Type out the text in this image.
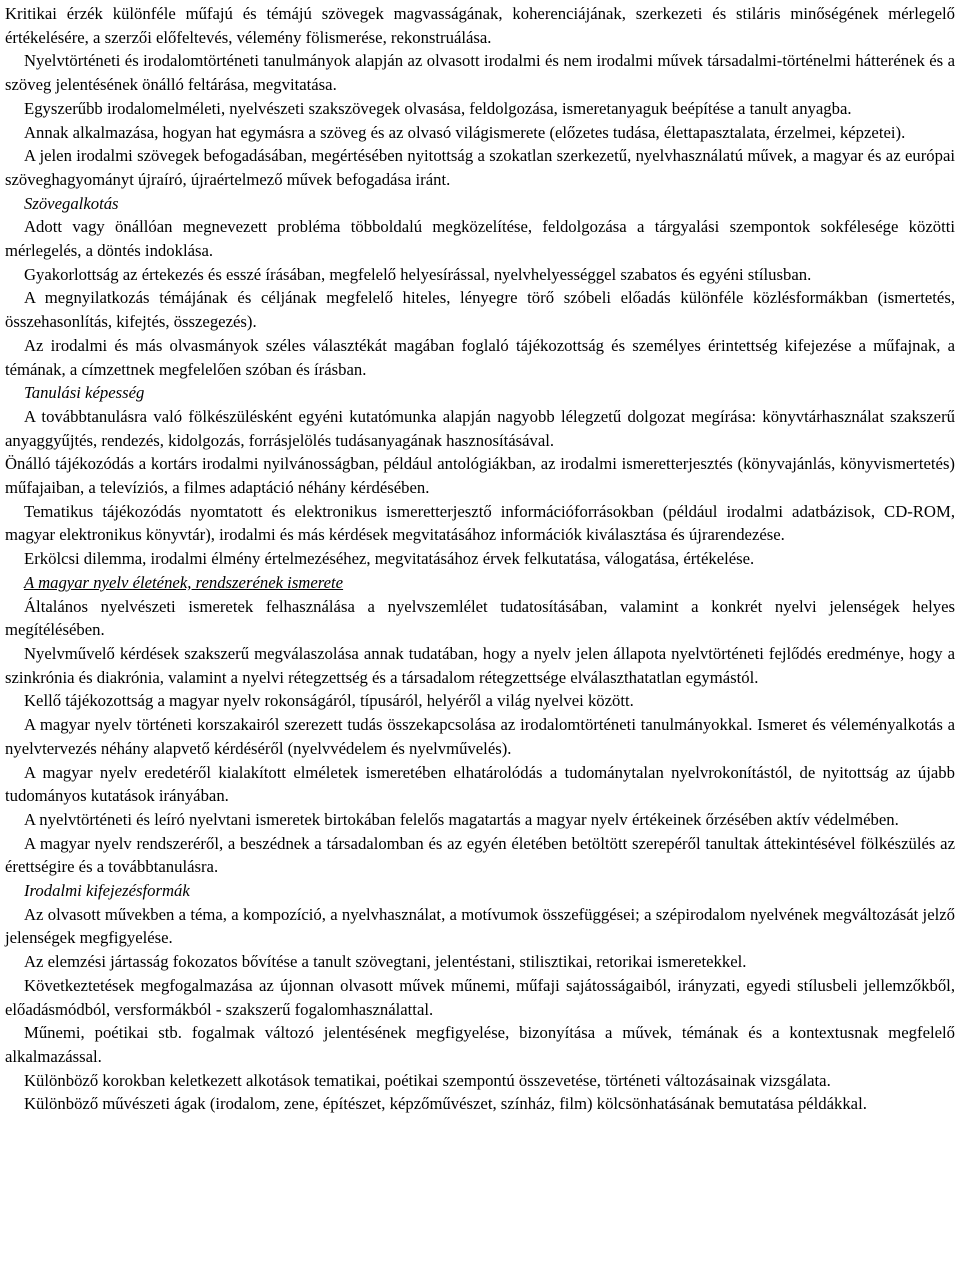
Kritikai érzék különféle műfajú és témájú szövegek magvasságának, koherenciájának, szerkezeti és stiláris minőségének mérlegelő értékelésére, a szerzői előfeltevés, vélemény fölismerése, rekonstruálása.

Nyelvtörténeti és irodalomtörténeti tanulmányok alapján az olvasott irodalmi és nem irodalmi művek társadalmi-történelmi hátterének és a szöveg jelentésének önálló feltárása, megvitatása.

Egyszerűbb irodalomelméleti, nyelvészeti szakszövegek olvasása, feldolgozása, ismeretanyaguk beépítése a tanult anyagba.

Annak alkalmazása, hogyan hat egymásra a szöveg és az olvasó világismerete (előzetes tudása, élettapasztalata, érzelmei, képzetei).

A jelen irodalmi szövegek befogadásában, megértésében nyitottság a szokatlan szerkezetű, nyelvhasználatú művek, a magyar és az európai szöveghagyományt újraíró, újraértelmező művek befogadása iránt.

Szövegalkotás

Adott vagy önállóan megnevezett probléma többoldalú megközelítése, feldolgozása a tárgyalási szempontok sokfélesége közötti mérlegelés, a döntés indoklása.

Gyakorlottság az értekezés és esszé írásában, megfelelő helyesírással, nyelvhelyességgel szabatos és egyéni stílusban.

A megnyilatkozás témájának és céljának megfelelő hiteles, lényegre törő szóbeli előadás különféle közlésformákban (ismertetés, összehasonlítás, kifejtés, összegezés).

Az irodalmi és más olvasmányok széles választékát magában foglaló tájékozottság és személyes érintettség kifejezése a műfajnak, a témának, a címzettnek megfelelően szóban és írásban.

Tanulási képesség

A továbbtanulásra való fölkészülésként egyéni kutatómunka alapján nagyobb lélegzetű dolgozat megírása: könyvtárhasználat szakszerű anyaggyűjtés, rendezés, kidolgozás, forrásjelölés tudásanyagának hasznosításával.

Önálló tájékozódás a kortárs irodalmi nyilvánosságban, például antológiákban, az irodalmi ismeretterjesztés (könyvajánlás, könyvismertetés) műfajaiban, a televíziós, a filmes adaptáció néhány kérdésében.

Tematikus tájékozódás nyomtatott és elektronikus ismeretterjesztő információforrásokban (például irodalmi adatbázisok, CD-ROM, magyar elektronikus könyvtár), irodalmi és más kérdések megvitatásához információk kiválasztása és újrarendezése.

Erkölcsi dilemma, irodalmi élmény értelmezéséhez, megvitatásához érvek felkutatása, válogatása, értékelése.

A magyar nyelv életének, rendszerének ismerete

Általános nyelvészeti ismeretek felhasználása a nyelvszemlélet tudatosításában, valamint a konkrét nyelvi jelenségek helyes megítélésében.

Nyelvművelő kérdések szakszerű megválaszolása annak tudatában, hogy a nyelv jelen állapota nyelvtörténeti fejlődés eredménye, hogy a szinkrónia és diakrónia, valamint a nyelvi rétegzettség és a társadalom rétegzettsége elválaszthatatlan egymástól.

Kellő tájékozottság a magyar nyelv rokonságáról, típusáról, helyéről a világ nyelvei között.

A magyar nyelv történeti korszakairól szerezett tudás összekapcsolása az irodalomtörténeti tanulmányokkal. Ismeret és véleményalkotás a nyelvtervezés néhány alapvető kérdéséről (nyelvvédelem és nyelvművelés).

A magyar nyelv eredetéről kialakított elméletek ismeretében elhatárolódás a tudománytalan nyelvrokonítástól, de nyitottság az újabb tudományos kutatások irányában.

A nyelvtörténeti és leíró nyelvtani ismeretek birtokában felelős magatartás a magyar nyelv értékeinek őrzésében aktív védelmében.

A magyar nyelv rendszeréről, a beszédnek a társadalomban és az egyén életében betöltött szerepéről tanultak áttekintésével fölkészülés az érettségire és a továbbtanulásra.

Irodalmi kifejezésformák

Az olvasott művekben a téma, a kompozíció, a nyelvhasználat, a motívumok összefüggései; a szépirodalom nyelvének megváltozását jelző jelenségek megfigyelése.

Az elemzési jártasság fokozatos bővítése a tanult szövegtani, jelentéstani, stilisztikai, retorikai ismeretekkel.

Következtetések megfogalmazása az újonnan olvasott művek műnemi, műfaji sajátosságaiból, irányzati, egyedi stílusbeli jellemzőkből, előadásmódból, versformákból - szakszerű fogalomhasználattal.

Műnemi, poétikai stb. fogalmak változó jelentésének megfigyelése, bizonyítása a művek, témának és a kontextusnak megfelelő alkalmazással.

Különböző korokban keletkezett alkotások tematikai, poétikai szempontú összevetése, történeti változásainak vizsgálata.

Különböző művészeti ágak (irodalom, zene, építészet, képzőművészet, színház, film) kölcsönhatásának bemutatása példákkal.
